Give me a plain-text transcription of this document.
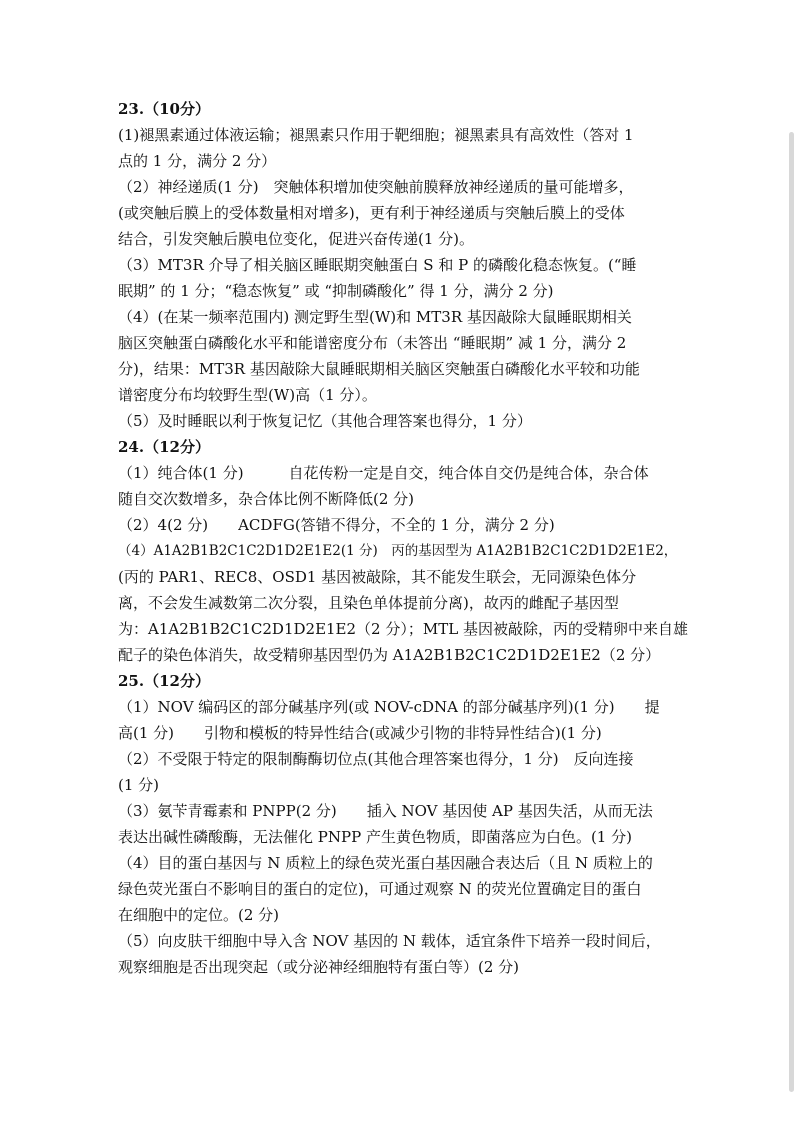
23.（10分）

(1)褪黑素通过体液运输；褪黑素只作用于靶细胞；褪黑素具有高效性（答对 1

点的 1 分，满分 2 分）

（2）神经递质(1 分)　突触体积增加使突触前膜释放神经递质的量可能增多，

(或突触后膜上的受体数量相对增多)，更有利于神经递质与突触后膜上的受体

结合，引发突触后膜电位变化，促进兴奋传递(1 分)。

（3）MT3R 介导了相关脑区睡眠期突触蛋白 S 和 P 的磷酸化稳态恢复。(“睡

眠期” 的 1 分；“稳态恢复” 或 “抑制磷酸化” 得 1 分，满分 2 分)

（4）(在某一频率范围内) 测定野生型(W)和 MT3R 基因敲除大鼠睡眠期相关

脑区突触蛋白磷酸化水平和能谱密度分布（未答出 “睡眠期” 减 1 分，满分 2

分)，结果：MT3R 基因敲除大鼠睡眠期相关脑区突触蛋白磷酸化水平较和功能

谱密度分布均较野生型(W)高（1 分）。

（5）及时睡眠以利于恢复记忆（其他合理答案也得分，1 分）

24.（12分）

（1）纯合体(1 分)　　　自花传粉一定是自交，纯合体自交仍是纯合体，杂合体

随自交次数增多，杂合体比例不断降低(2 分)

（2）4(2 分)　　ACDFG(答错不得分，不全的 1 分，满分 2 分)

（4）A1A2B1B2C1C2D1D2E1E2(1 分)　丙的基因型为 A1A2B1B2C1C2D1D2E1E2，

(丙的 PAR1、REC8、OSD1 基因被敲除，其不能发生联会，无同源染色体分

离，不会发生减数第二次分裂，且染色单体提前分离)，故丙的雌配子基因型

为：A1A2B1B2C1C2D1D2E1E2（2 分）；MTL 基因被敲除，丙的受精卵中来自雄

配子的染色体消失，故受精卵基因型仍为 A1A2B1B2C1C2D1D2E1E2（2 分）

25.（12分）

（1）NOV 编码区的部分碱基序列(或 NOV-cDNA 的部分碱基序列)(1 分)　　提

高(1 分)　　引物和模板的特异性结合(或减少引物的非特异性结合)(1 分)

（2）不受限于特定的限制酶酶切位点(其他合理答案也得分，1 分)　反向连接

(1 分)

（3）氨苄青霉素和 PNPP(2 分)　　插入 NOV 基因使 AP 基因失活，从而无法

表达出碱性磷酸酶，无法催化 PNPP 产生黄色物质，即菌落应为白色。(1 分)

（4）目的蛋白基因与 N 质粒上的绿色荧光蛋白基因融合表达后（且 N 质粒上的

绿色荧光蛋白不影响目的蛋白的定位)，可通过观察 N 的荧光位置确定目的蛋白

在细胞中的定位。(2 分)

（5）向皮肤干细胞中导入含 NOV 基因的 N 载体，适宜条件下培养一段时间后，

观察细胞是否出现突起（或分泌神经细胞特有蛋白等）(2 分)
